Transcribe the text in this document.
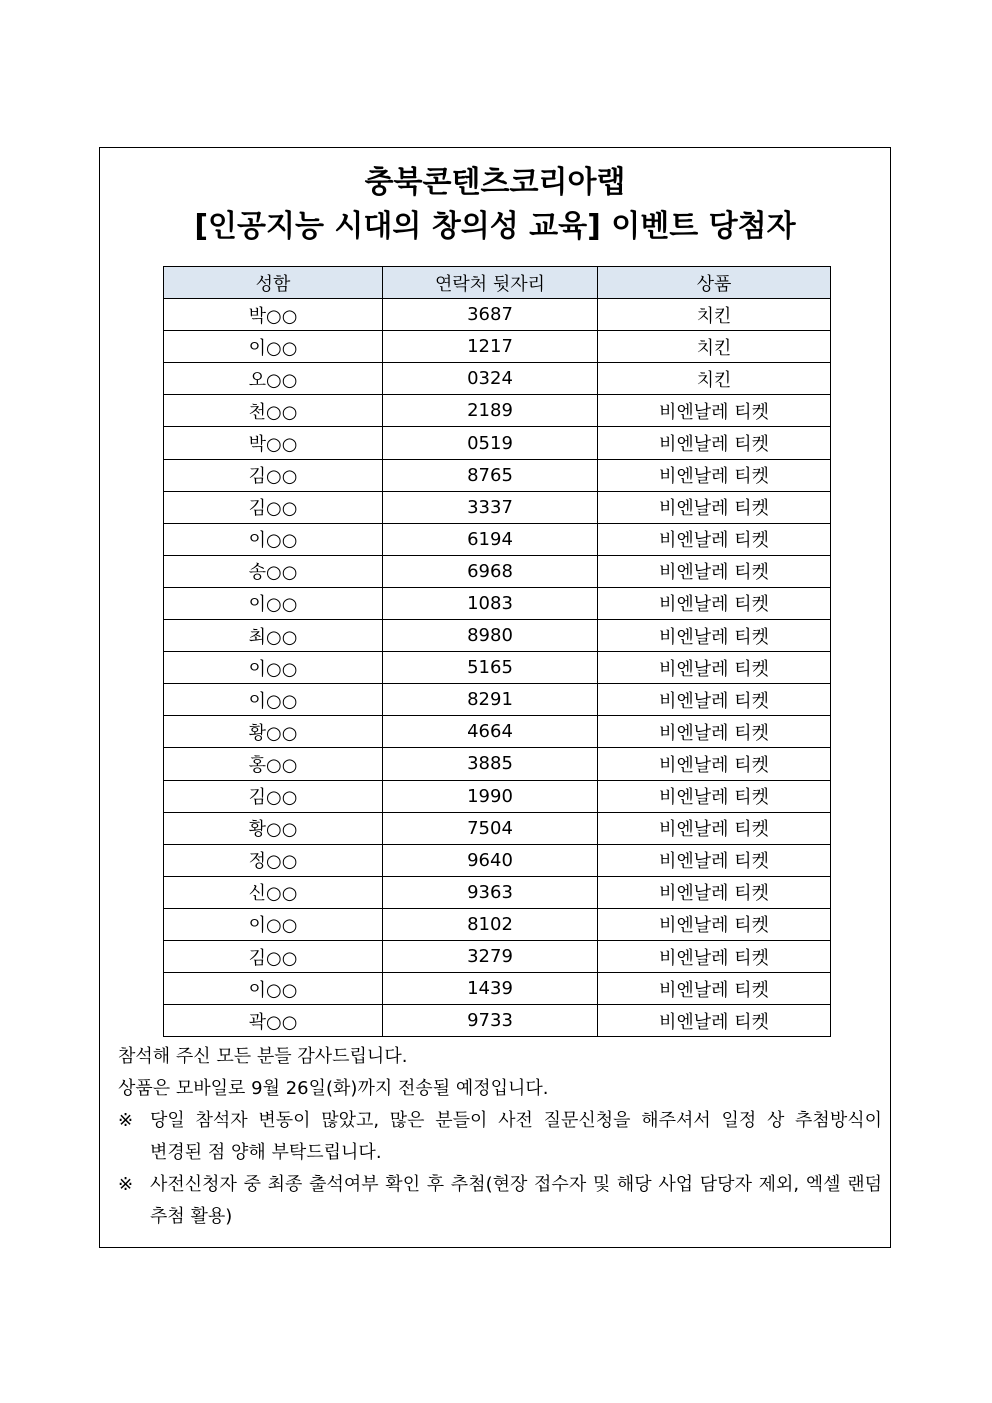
충북콘텐츠코리아랩
[인공지능 시대의 창의성 교육] 이벤트 당첨자
성함	연락처 뒷자리	상품
박○○	3687	치킨
이○○	1217	치킨
오○○	0324	치킨
천○○	2189	비엔날레 티켓
박○○	0519	비엔날레 티켓
김○○	8765	비엔날레 티켓
김○○	3337	비엔날레 티켓
이○○	6194	비엔날레 티켓
송○○	6968	비엔날레 티켓
이○○	1083	비엔날레 티켓
최○○	8980	비엔날레 티켓
이○○	5165	비엔날레 티켓
이○○	8291	비엔날레 티켓
황○○	4664	비엔날레 티켓
홍○○	3885	비엔날레 티켓
김○○	1990	비엔날레 티켓
황○○	7504	비엔날레 티켓
정○○	9640	비엔날레 티켓
신○○	9363	비엔날레 티켓
이○○	8102	비엔날레 티켓
김○○	3279	비엔날레 티켓
이○○	1439	비엔날레 티켓
곽○○	9733	비엔날레 티켓
참석해 주신 모든 분들 감사드립니다.
상품은 모바일로 9월 26일(화)까지 전송될 예정입니다.
※ 당일 참석자 변동이 많았고, 많은 분들이 사전 질문신청을 해주셔서 일정 상 추첨방식이 변경된 점 양해 부탁드립니다.
※ 사전신청자 중 최종 출석여부 확인 후 추첨(현장 접수자 및 해당 사업 담당자 제외, 엑셀 랜덤 추첨 활용)
